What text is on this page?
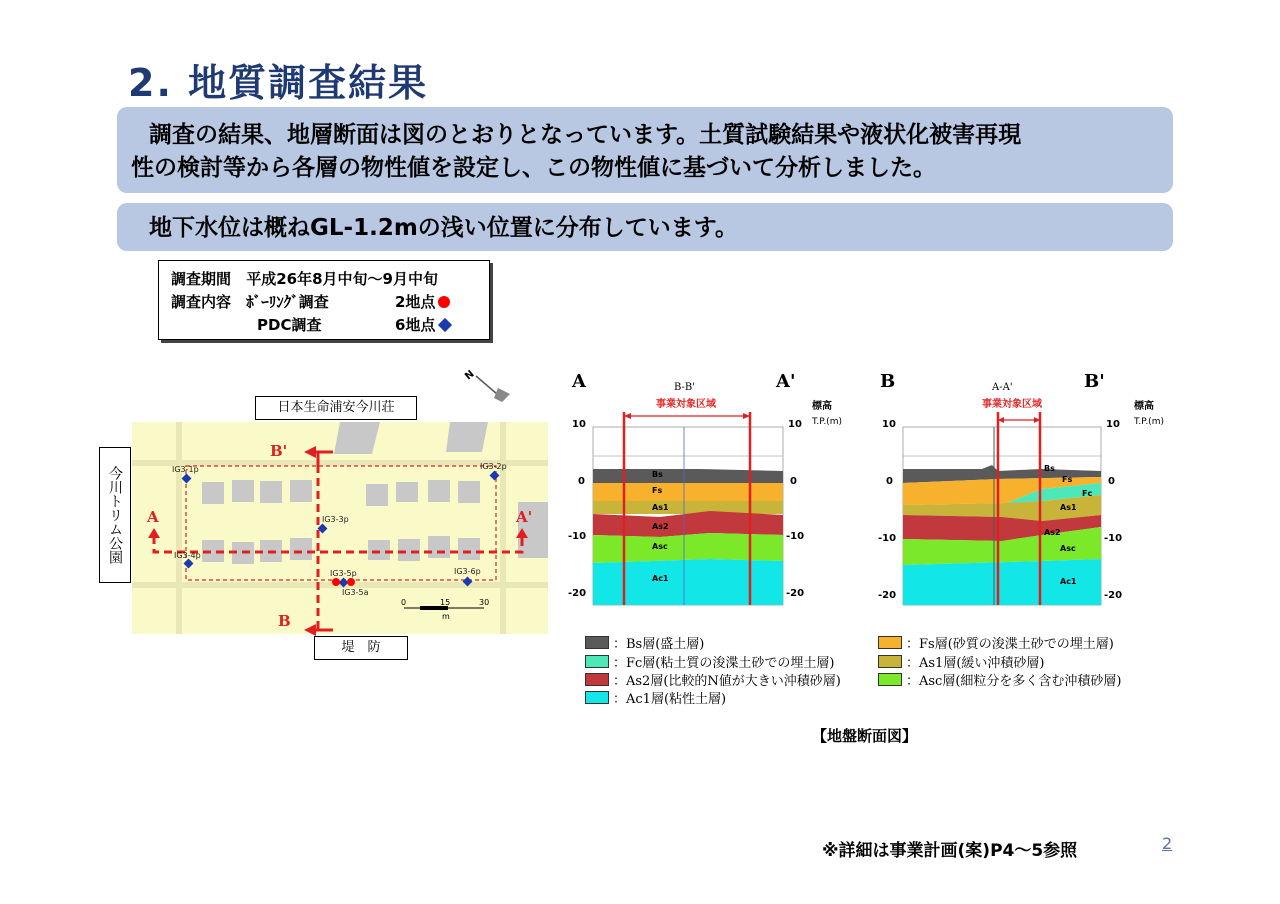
2. 地質調査結果
調査の結果、地層断面は図のとおりとなっています。土質試験結果や液状化被害再現
性の検討等から各層の物性値を設定し、この物性値に基づいて分析しました。
地下水位は概ねGL-1.2mの浅い位置に分布しています。
調査期間 平成26年8月中旬～9月中旬
調査内容 ﾎﾞｰﾘﾝｸﾞ調査	2地点
PDC調査	6地点
IG3-1p	IG3-2p
IG3-3p
IG3-4p
IG3-5p
IG3-5a
IG3-6p
A	A'
B
B'
0	15	30
m
N
日本生命浦安今川荘
今川トリム公園
堤　防
A	A'
B-B'
事業対象区域	標高
T.P.(m)
Bs
Fs
As1
As2
Asc
Ac1
10
0
-10
-20
10
0
-10
-20
B	B'
A-A'
事業対象区域	標高
T.P.(m)
Bs
Fs
Fc
As1
As2
Asc
Ac1
10
0
-10
-20
10
0
-10
-20
：Bs層(盛土層)	：Fs層(砂質の浚渫土砂での埋土層)
：Fc層(粘土質の浚渫土砂での埋土層)	：As1層(緩い沖積砂層)
：As2層(比較的N値が大きい沖積砂層)	：Asc層(細粒分を多く含む沖積砂層)
：Ac1層(粘性土層)
【地盤断面図】
※詳細は事業計画(案)P4～5参照	2
